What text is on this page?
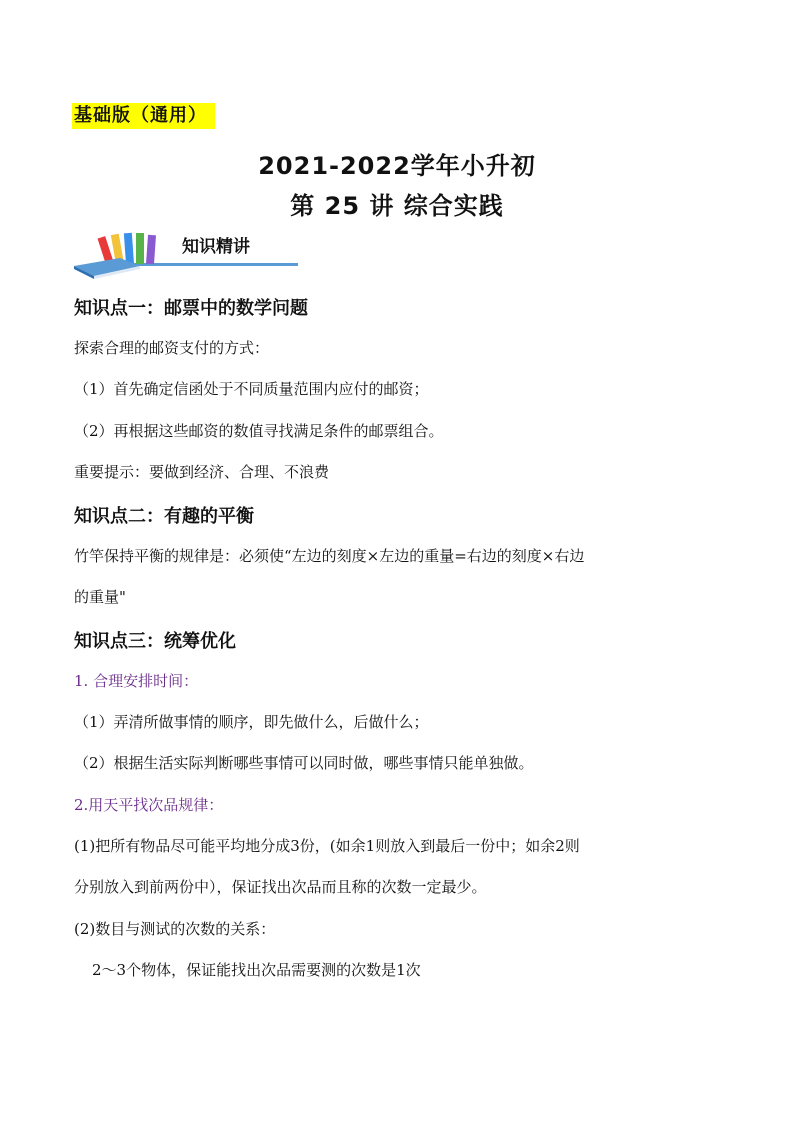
基础版（通用）
2021-2022学年小升初
第 25 讲 综合实践
知识精讲
知识点一：邮票中的数学问题
探索合理的邮资支付的方式：
（1）首先确定信函处于不同质量范围内应付的邮资；
（2）再根据这些邮资的数值寻找满足条件的邮票组合。
重要提示：要做到经济、合理、不浪费
知识点二：有趣的平衡
竹竿保持平衡的规律是：必须使“左边的刻度×左边的重量=右边的刻度×右边
的重量"
知识点三：统筹优化
1. 合理安排时间：
（1）弄清所做事情的顺序，即先做什么，后做什么；
（2）根据生活实际判断哪些事情可以同时做，哪些事情只能单独做。
2.用天平找次品规律：
(1)把所有物品尽可能平均地分成3份，(如余1则放入到最后一份中；如余2则
分别放入到前两份中），保证找出次品而且称的次数一定最少。
(2)数目与测试的次数的关系：
2～3个物体，保证能找出次品需要测的次数是1次
